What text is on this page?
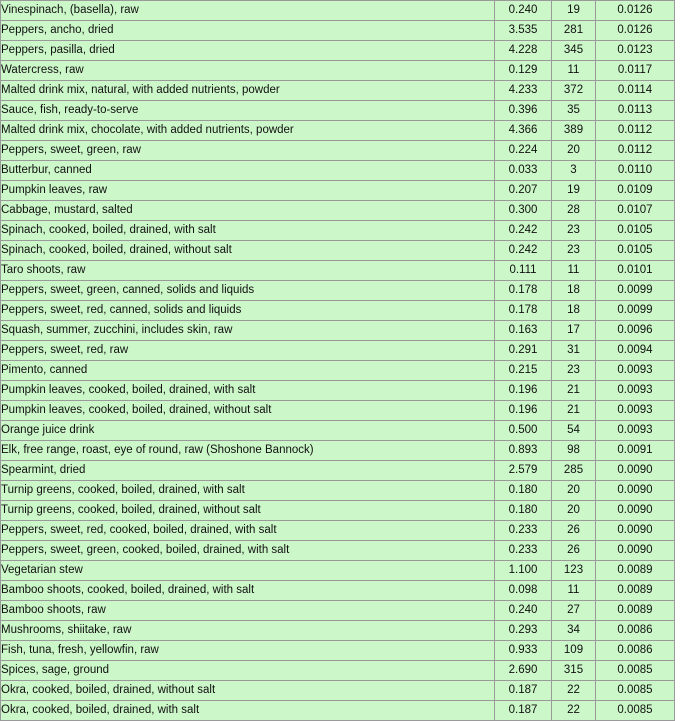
Vinespinach, (basella), raw	0.240	19	0.0126
Peppers, ancho, dried	3.535	281	0.0126
Peppers, pasilla, dried	4.228	345	0.0123
Watercress, raw	0.129	11	0.0117
Malted drink mix, natural, with added nutrients, powder	4.233	372	0.0114
Sauce, fish, ready-to-serve	0.396	35	0.0113
Malted drink mix, chocolate, with added nutrients, powder	4.366	389	0.0112
Peppers, sweet, green, raw	0.224	20	0.0112
Butterbur, canned	0.033	3	0.0110
Pumpkin leaves, raw	0.207	19	0.0109
Cabbage, mustard, salted	0.300	28	0.0107
Spinach, cooked, boiled, drained, with salt	0.242	23	0.0105
Spinach, cooked, boiled, drained, without salt	0.242	23	0.0105
Taro shoots, raw	0.111	11	0.0101
Peppers, sweet, green, canned, solids and liquids	0.178	18	0.0099
Peppers, sweet, red, canned, solids and liquids	0.178	18	0.0099
Squash, summer, zucchini, includes skin, raw	0.163	17	0.0096
Peppers, sweet, red, raw	0.291	31	0.0094
Pimento, canned	0.215	23	0.0093
Pumpkin leaves, cooked, boiled, drained, with salt	0.196	21	0.0093
Pumpkin leaves, cooked, boiled, drained, without salt	0.196	21	0.0093
Orange juice drink	0.500	54	0.0093
Elk, free range, roast, eye of round, raw (Shoshone Bannock)	0.893	98	0.0091
Spearmint, dried	2.579	285	0.0090
Turnip greens, cooked, boiled, drained, with salt	0.180	20	0.0090
Turnip greens, cooked, boiled, drained, without salt	0.180	20	0.0090
Peppers, sweet, red, cooked, boiled, drained, with salt	0.233	26	0.0090
Peppers, sweet, green, cooked, boiled, drained, with salt	0.233	26	0.0090
Vegetarian stew	1.100	123	0.0089
Bamboo shoots, cooked, boiled, drained, with salt	0.098	11	0.0089
Bamboo shoots, raw	0.240	27	0.0089
Mushrooms, shiitake, raw	0.293	34	0.0086
Fish, tuna, fresh, yellowfin, raw	0.933	109	0.0086
Spices, sage, ground	2.690	315	0.0085
Okra, cooked, boiled, drained, without salt	0.187	22	0.0085
Okra, cooked, boiled, drained, with salt	0.187	22	0.0085
